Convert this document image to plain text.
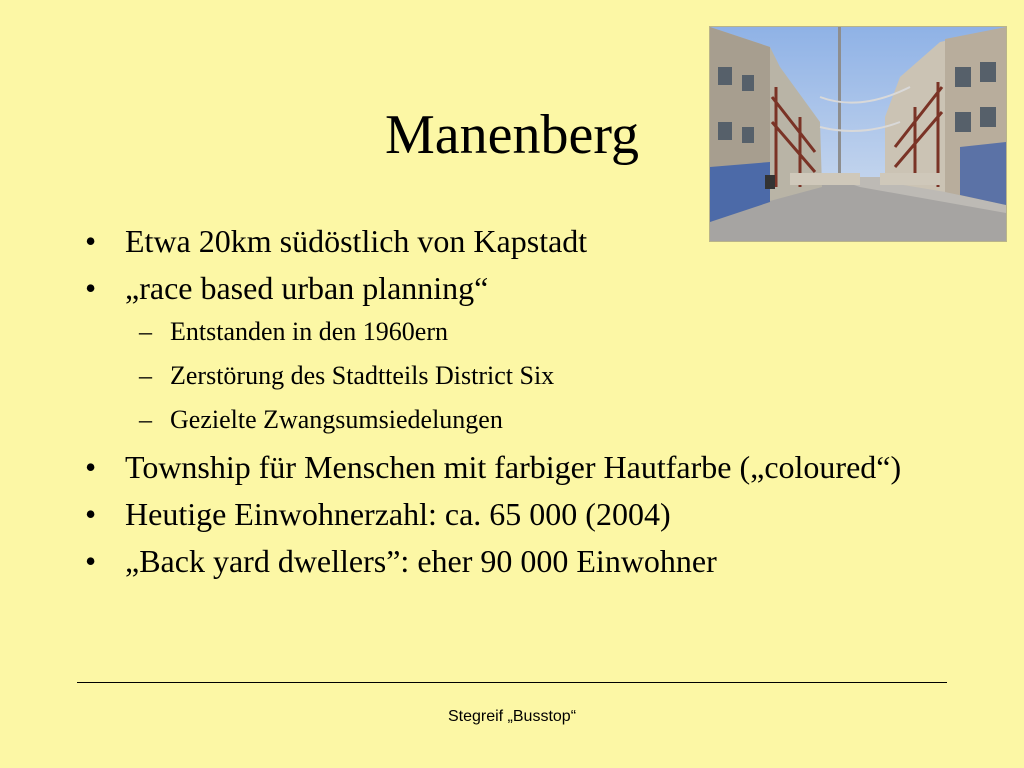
Manenberg
• Etwa 20km südöstlich von Kapstadt
• „race based urban planning“
– Entstanden in den 1960ern
– Zerstörung des Stadtteils District Six
– Gezielte Zwangsumsiedelungen
• Township für Menschen mit farbiger Hautfarbe („coloured“)
• Heutige Einwohnerzahl: ca. 65 000 (2004)
• „Back yard dwellers”: eher 90 000 Einwohner
Stegreif „Busstop“
